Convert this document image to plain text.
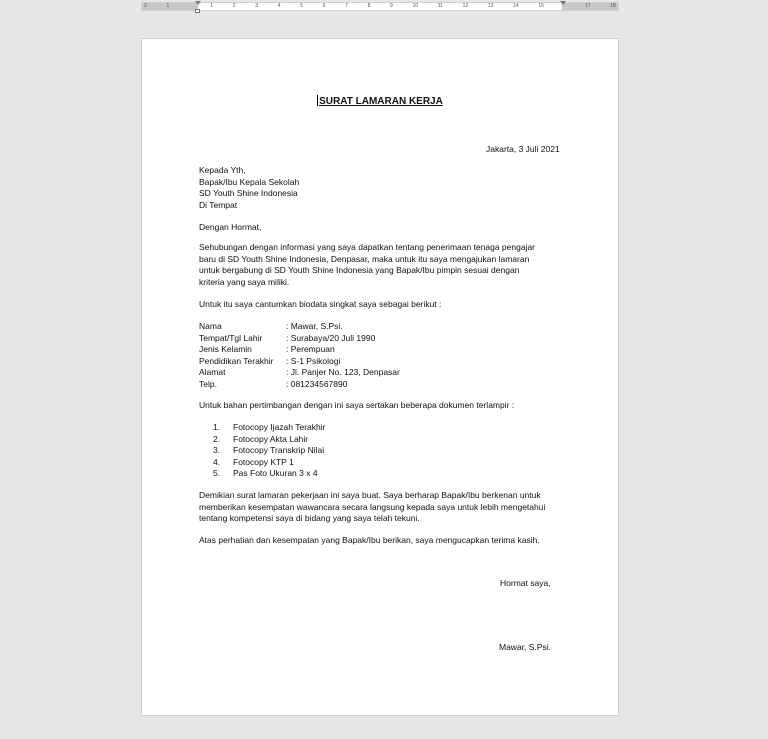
2	1	·	1	2	3	4	5	6	7	8	9	10	11	12	13	14	15	·	17	18
SURAT LAMARAN KERJA
Jakarta, 3 Juli 2021
Kepada Yth,
Bapak/Ibu Kepala Sekolah
SD Youth Shine Indonesia
Di Tempat
Dengan Hormat,
Sehubungan dengan informasi yang saya dapatkan tentang penerimaan tenaga pengajar
baru di SD Youth Shine Indonesia, Denpasar, maka untuk itu saya mengajukan lamaran
untuk bergabung di SD Youth Shine Indonesia yang Bapak/Ibu pimpin sesuai dengan
kriteria yang saya miliki.
Untuk itu saya cantumkan biodata singkat saya sebagai berikut :
Nama	: Mawar, S.Psi.
Tempat/Tgl Lahir	: Surabaya/20 Juli 1990
Jenis Kelamin	: Perempuan
Pendidikan Terakhir : S-1 Psikologi
Alamat	: Jl. Panjer No. 123, Denpasar
Telp.	: 081234567890
Untuk bahan pertimbangan dengan ini saya sertakan beberapa dokumen terlampir :
1. Fotocopy Ijazah Terakhir
2. Fotocopy Akta Lahir
3. Fotocopy Transkrip Nilai
4. Fotocopy KTP 1
5. Pas Foto Ukuran 3 x 4
Demikian surat lamaran pekerjaan ini saya buat. Saya berharap Bapak/Ibu berkenan untuk
memberikan kesempatan wawancara secara langsung kepada saya untuk lebih mengetahui
tentang kompetensi saya di bidang yang saya telah tekuni.
Atas perhatian dan kesempatan yang Bapak/Ibu berikan, saya mengucapkan terima kasih.
Hormat saya,
Mawar, S.Psi.
